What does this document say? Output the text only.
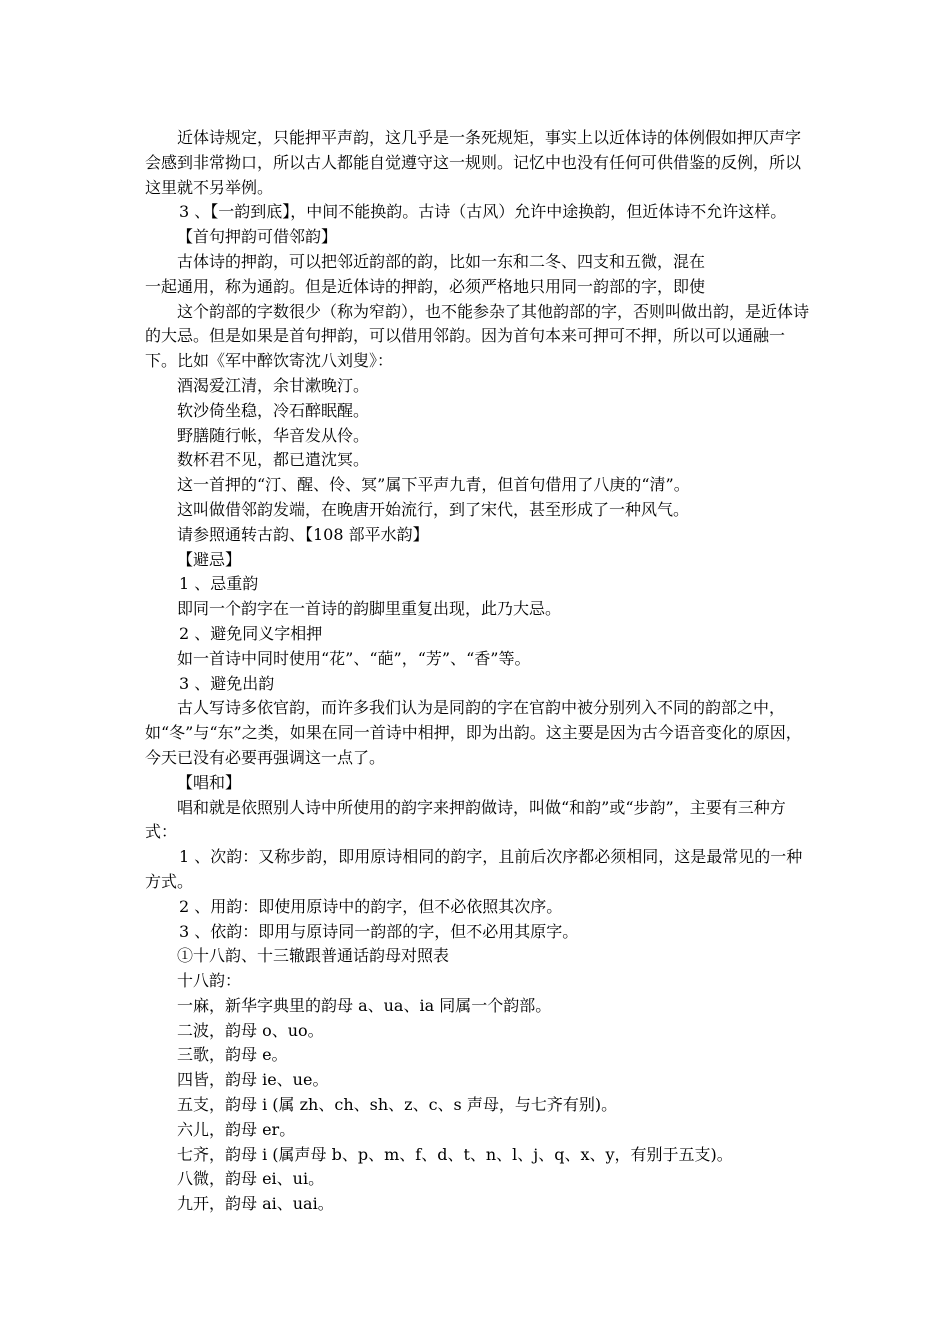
近体诗规定，只能押平声韵，这几乎是一条死规矩，事实上以近体诗的体例假如押仄声字会感到非常拗口，所以古人都能自觉遵守这一规则。记忆中也没有任何可供借鉴的反例，所以这里就不另举例。

3 、【一韵到底】，中间不能换韵。古诗（古风）允许中途换韵，但近体诗不允许这样。

【首句押韵可借邻韵】

古体诗的押韵，可以把邻近韵部的韵，比如一东和二冬、四支和五微，混在

一起通用，称为通韵。但是近体诗的押韵，必须严格地只用同一韵部的字，即使

这个韵部的字数很少（称为窄韵），也不能参杂了其他韵部的字，否则叫做出韵，是近体诗的大忌。但是如果是首句押韵，可以借用邻韵。因为首句本来可押可不押，所以可以通融一下。比如《军中醉饮寄沈八刘叟》：

酒渴爱江清，余甘漱晚汀。

软沙倚坐稳，冷石醉眠醒。

野膳随行帐，华音发从伶。

数杯君不见，都已遣沈冥。

这一首押的“汀、醒、伶、冥”属下平声九青，但首句借用了八庚的“清”。

这叫做借邻韵发端，在晚唐开始流行，到了宋代，甚至形成了一种风气。

请参照通转古韵、【108 部平水韵】

【避忌】

1 、忌重韵

即同一个韵字在一首诗的韵脚里重复出现，此乃大忌。

2 、避免同义字相押

如一首诗中同时使用“花”、“葩”，“芳”、“香”等。

3 、避免出韵

古人写诗多依官韵，而许多我们认为是同韵的字在官韵中被分别列入不同的韵部之中，如“冬”与“东”之类，如果在同一首诗中相押，即为出韵。这主要是因为古今语音变化的原因，今天已没有必要再强调这一点了。

【唱和】

唱和就是依照别人诗中所使用的韵字来押韵做诗，叫做“和韵”或“步韵”，主要有三种方式：

1 、次韵：又称步韵，即用原诗相同的韵字，且前后次序都必须相同，这是最常见的一种方式。

2 、用韵：即使用原诗中的韵字，但不必依照其次序。

3 、依韵：即用与原诗同一韵部的字，但不必用其原字。

①十八韵、十三辙跟普通话韵母对照表

十八韵：

一麻，新华字典里的韵母 a、ua、ia 同属一个韵部。

二波，韵母 o、uo。

三歌，韵母 e。

四皆，韵母 ie、ue。

五支，韵母 i (属 zh、ch、sh、z、c、s 声母，与七齐有别)。

六儿，韵母 er。

七齐，韵母 i (属声母 b、p、m、f、d、t、n、l、j、q、x、y，有别于五支)。

八微，韵母 ei、ui。

九开，韵母 ai、uai。
